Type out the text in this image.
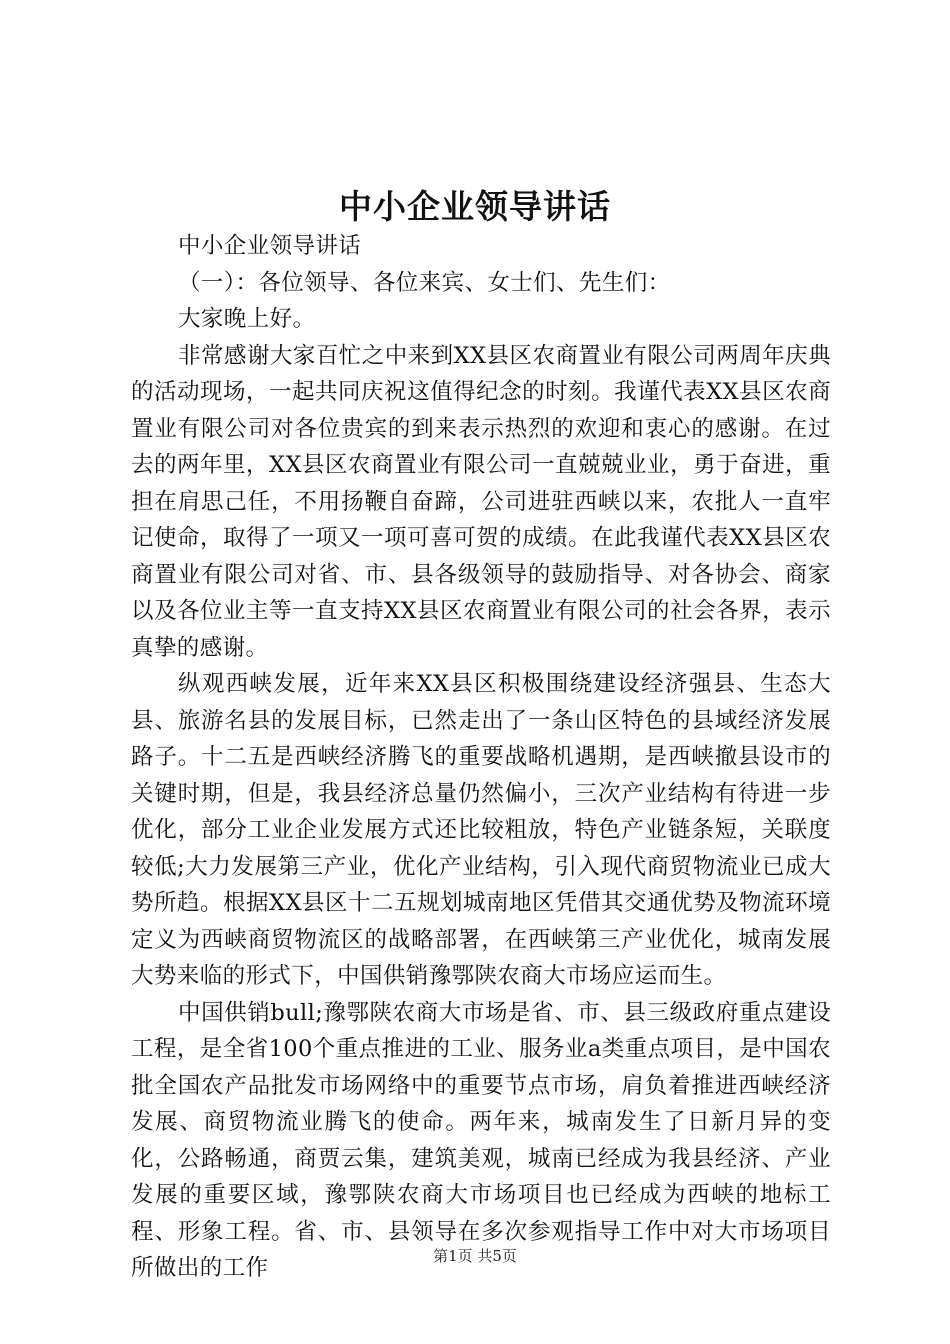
中小企业领导讲话

中小企业领导讲话

（一）：各位领导、各位来宾、女士们、先生们：

大家晚上好。

非常感谢大家百忙之中来到XX县区农商置业有限公司两周年庆典的活动现场，一起共同庆祝这值得纪念的时刻。我谨代表XX县区农商置业有限公司对各位贵宾的到来表示热烈的欢迎和衷心的感谢。在过去的两年里，XX县区农商置业有限公司一直兢兢业业，勇于奋进，重担在肩思己任，不用扬鞭自奋蹄，公司进驻西峡以来，农批人一直牢记使命，取得了一项又一项可喜可贺的成绩。在此我谨代表XX县区农商置业有限公司对省、市、县各级领导的鼓励指导、对各协会、商家以及各位业主等一直支持XX县区农商置业有限公司的社会各界，表示真挚的感谢。

纵观西峡发展，近年来XX县区积极围绕建设经济强县、生态大县、旅游名县的发展目标，已然走出了一条山区特色的县域经济发展路子。十二五是西峡经济腾飞的重要战略机遇期，是西峡撤县设市的关键时期，但是，我县经济总量仍然偏小，三次产业结构有待进一步优化，部分工业企业发展方式还比较粗放，特色产业链条短，关联度较低;大力发展第三产业，优化产业结构，引入现代商贸物流业已成大势所趋。根据XX县区十二五规划城南地区凭借其交通优势及物流环境定义为西峡商贸物流区的战略部署，在西峡第三产业优化，城南发展大势来临的形式下，中国供销豫鄂陕农商大市场应运而生。

中国供销bull;豫鄂陕农商大市场是省、市、县三级政府重点建设工程，是全省100个重点推进的工业、服务业a类重点项目，是中国农批全国农产品批发市场网络中的重要节点市场，肩负着推进西峡经济发展、商贸物流业腾飞的使命。两年来，城南发生了日新月异的变化，公路畅通，商贾云集，建筑美观，城南已经成为我县经济、产业发展的重要区域，豫鄂陕农商大市场项目也已经成为西峡的地标工程、形象工程。省、市、县领导在多次参观指导工作中对大市场项目所做出的工作	第1页 共5页
